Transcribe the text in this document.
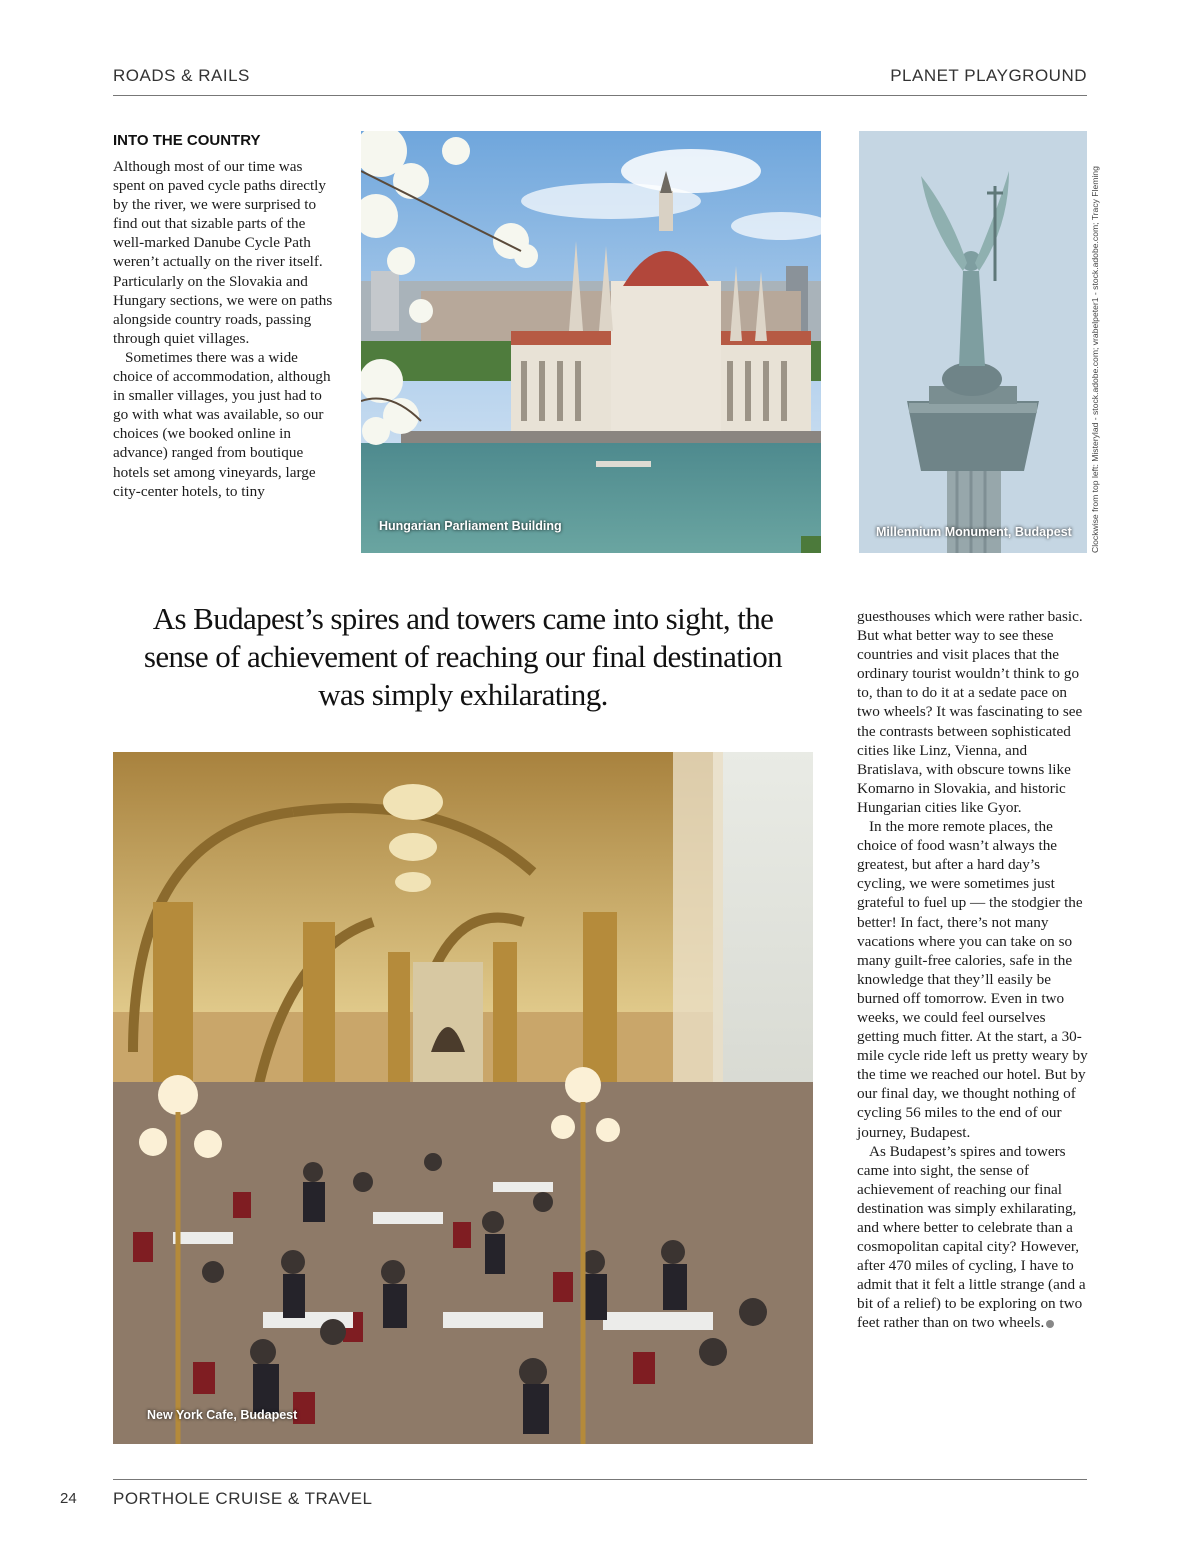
ROADS & RAILS	PLANET PLAYGROUND
INTO THE COUNTRY

Although most of our time was spent on paved cycle paths directly by the river, we were surprised to find out that sizable parts of the well-marked Danube Cycle Path weren’t actually on the river itself. Particularly on the Slovakia and Hungary sections, we were on paths alongside country roads, passing through quiet villages.

Sometimes there was a wide choice of accommodation, although in smaller villages, you just had to go with what was available, so our choices (we booked online in advance) ranged from boutique hotels set among vineyards, large city-center hotels, to tiny

Hungarian Parliament Building	Millennium Monument, Budapest Clockwise from top left: Misterylad - stock.adobe.com; vrabelpeter1 - stock.adobe.com; Tracy Fleming
As Budapest’s spires and towers came into sight, the sense of achievement of reaching our final destination was simply exhilarating.
New York Cafe, Budapest

guesthouses which were rather basic. But what better way to see these countries and visit places that the ordinary tourist wouldn’t think to go to, than to do it at a sedate pace on two wheels? It was fascinating to see the contrasts between sophisticated cities like Linz, Vienna, and Bratislava, with obscure towns like Komarno in Slovakia, and historic Hungarian cities like Gyor.

In the more remote places, the choice of food wasn’t always the greatest, but after a hard day’s cycling, we were sometimes just grateful to fuel up — the stodgier the better! In fact, there’s not many vacations where you can take on so many guilt-free calories, safe in the knowledge that they’ll easily be burned off tomorrow. Even in two weeks, we could feel ourselves getting much fitter. At the start, a 30-mile cycle ride left us pretty weary by the time we reached our hotel. But by our final day, we thought nothing of cycling 56 miles to the end of our journey, Budapest.

As Budapest’s spires and towers came into sight, the sense of achievement of reaching our final destination was simply exhilarating, and where better to celebrate than a cosmopolitan capital city? However, after 470 miles of cycling, I have to admit that it felt a little strange (and a bit of a relief) to be exploring on two feet rather than on two wheels.

24 PORTHOLE CRUISE & TRAVEL
